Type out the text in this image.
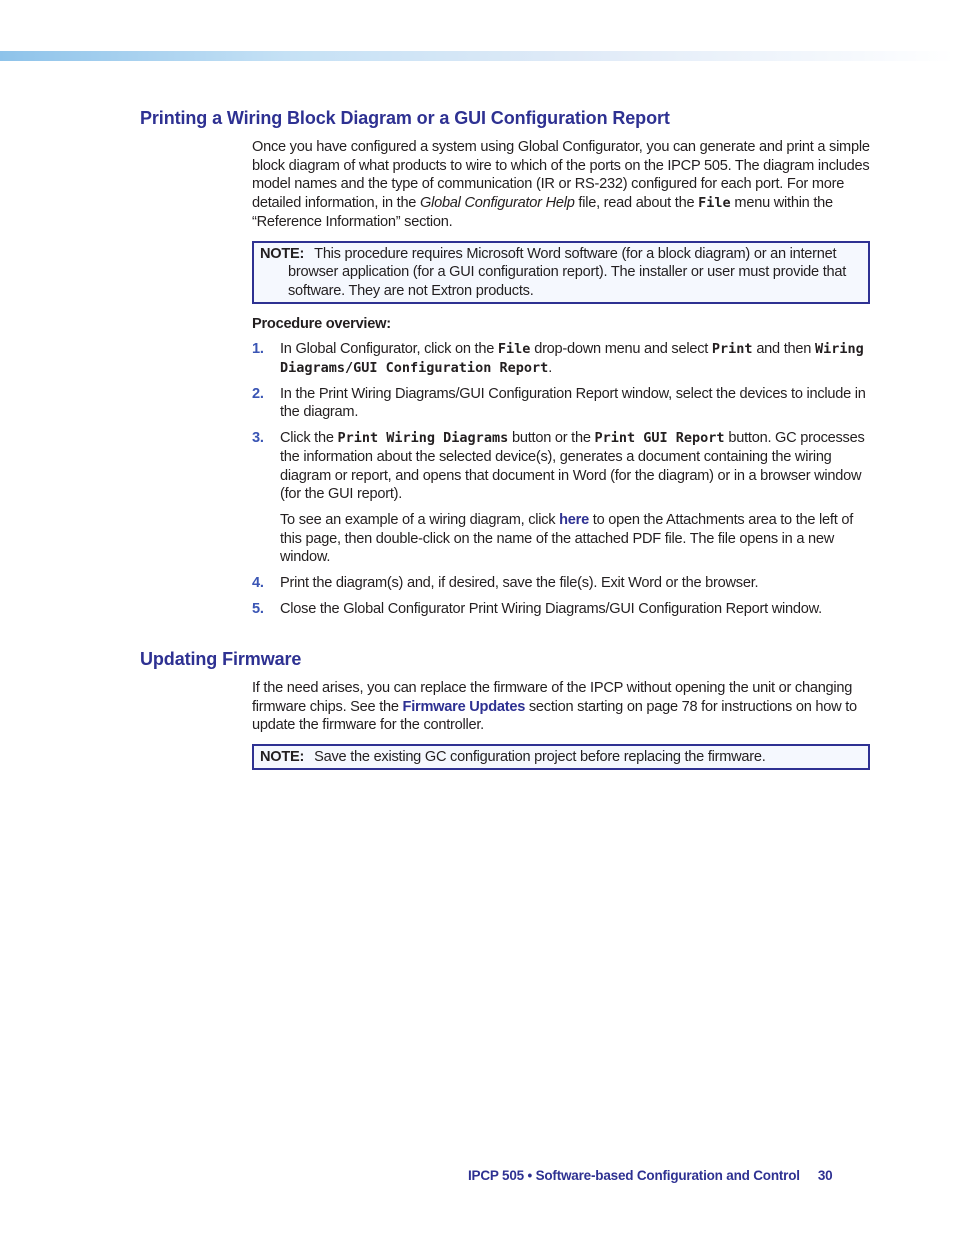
Printing a Wiring Block Diagram or a GUI Configuration Report

Once you have configured a system using Global Configurator, you can generate and print a simple block diagram of what products to wire to which of the ports on the IPCP 505. The diagram includes model names and the type of communication (IR or RS-232) configured for each port. For more detailed information, in the Global Configurator Help file, read about the File menu within the “Reference Information” section.

NOTE: This procedure requires Microsoft Word software (for a block diagram) or an internet browser application (for a GUI configuration report). The installer or user must provide that software. They are not Extron products.

Procedure overview:

1. In Global Configurator, click on the File drop-down menu and select Print and then Wiring Diagrams/GUI Configuration Report.
2. In the Print Wiring Diagrams/GUI Configuration Report window, select the devices to include in the diagram.
3. Click the Print Wiring Diagrams button or the Print GUI Report button. GC processes the information about the selected device(s), generates a document containing the wiring diagram or report, and opens that document in Word (for the diagram) or in a browser window (for the GUI report).

To see an example of a wiring diagram, click here to open the Attachments area to the left of this page, then double-click on the name of the attached PDF file. The file opens in a new window.

4. Print the diagram(s) and, if desired, save the file(s). Exit Word or the browser.
5. Close the Global Configurator Print Wiring Diagrams/GUI Configuration Report window.
Updating Firmware

If the need arises, you can replace the firmware of the IPCP without opening the unit or changing firmware chips. See the Firmware Updates section starting on page 78 for instructions on how to update the firmware for the controller.

NOTE: Save the existing GC configuration project before replacing the firmware.
IPCP 505 • Software-based Configuration and Control 30
